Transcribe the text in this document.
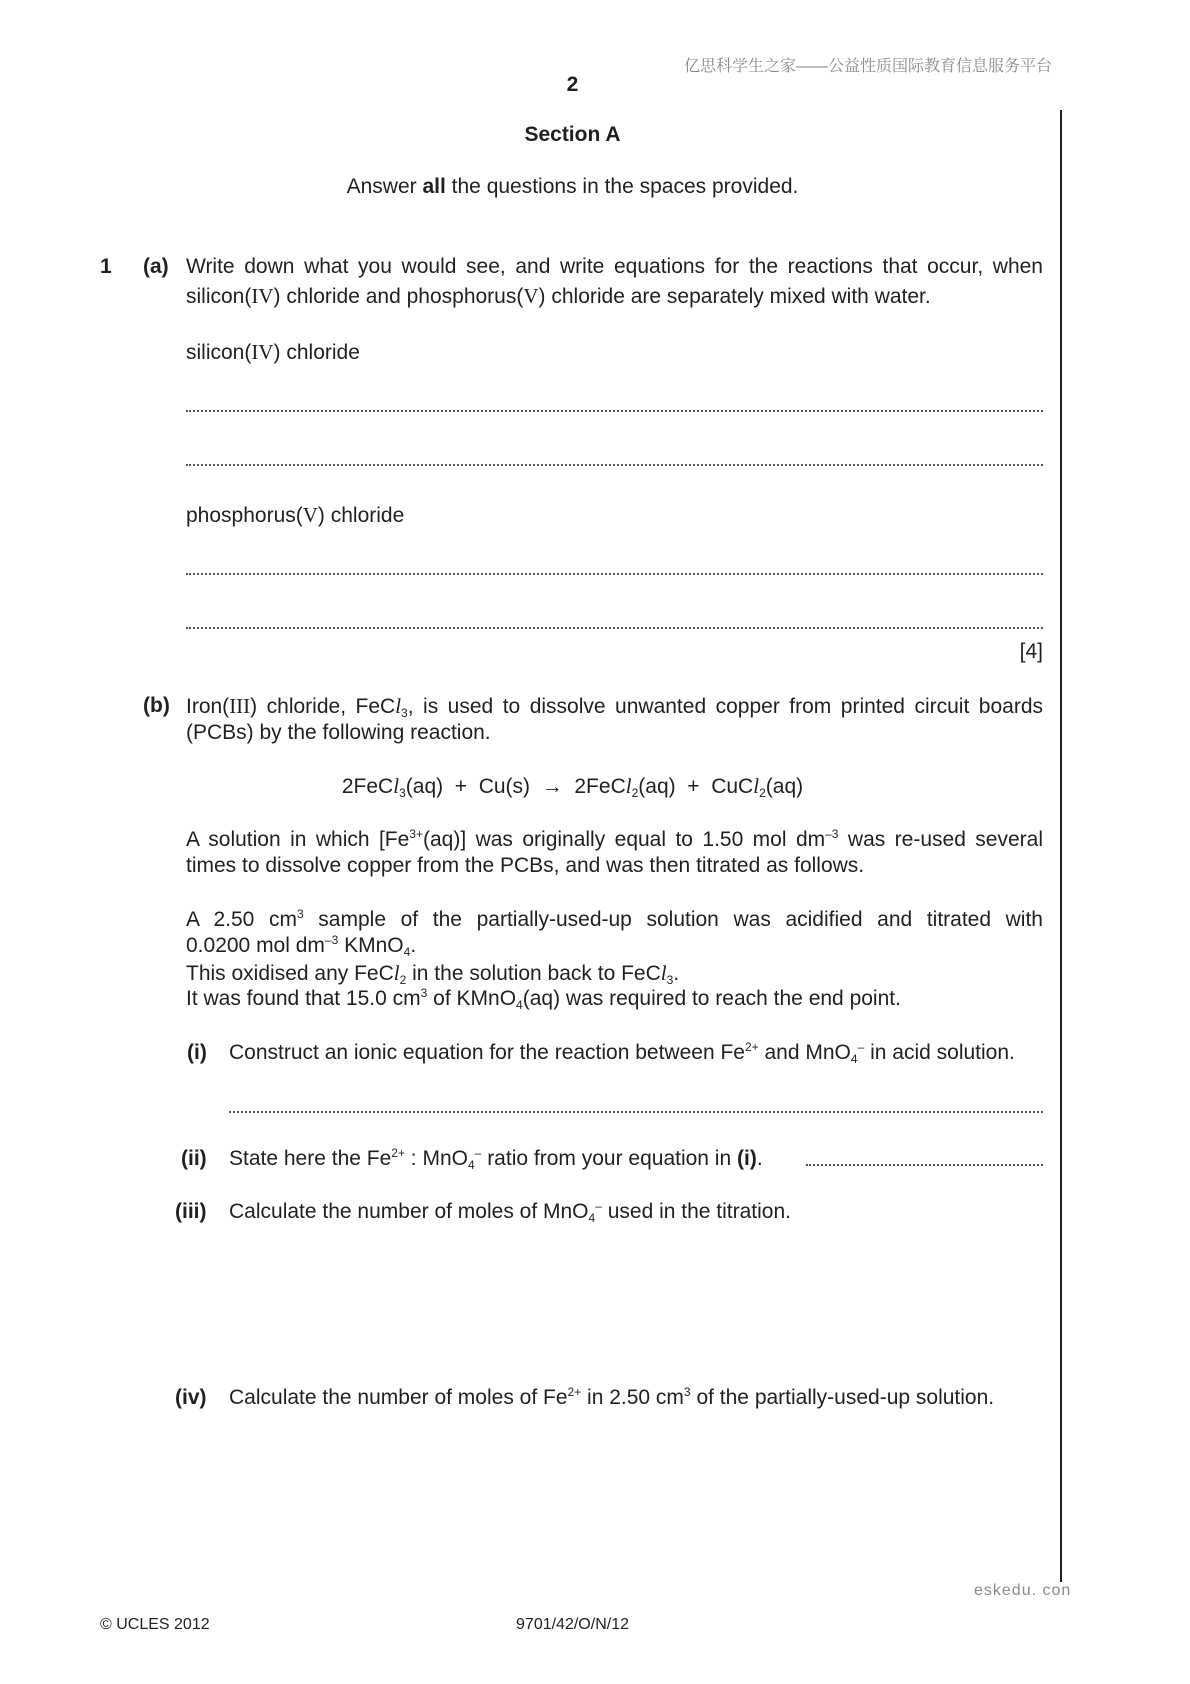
亿思科学生之家——公益性质国际教育信息服务平台
2
Section A
Answer all the questions in the spaces provided.
1 (a) Write down what you would see, and write equations for the reactions that occur, when
silicon(IV) chloride and phosphorus(V) chloride are separately mixed with water.
silicon(IV) chloride
phosphorus(V) chloride
[4]
(b) Iron(III) chloride, FeCl$_3$, is used to dissolve unwanted copper from printed circuit boards
(PCBs) by the following reaction.
2FeCl$_3$(aq)  +  Cu(s)  →  2FeCl$_2$(aq)  +  CuCl$_2$(aq)
A solution in which $[Fe^{3+}(aq)]$ was originally equal to 1.50 mol $dm^{-3}$ was re-used several
times to dissolve copper from the PCBs, and was then titrated as follows.
A 2.50 $cm^3$ sample of the partially-used-up solution was acidified and titrated with
0.0200 mol $dm^{-3}$ KMnO$_4$.
This oxidised any FeCl$_2$ in the solution back to FeCl$_3$.
It was found that 15.0 $cm^3$ of KMnO$_4$(aq) was required to reach the end point.
(i) Construct an ionic equation for the reaction between $Fe^{2+}$ and MnO$_4$– in acid solution.
(ii) State here the $Fe^{2+}$ : MnO$_4$– ratio from your equation in (i).
(iii) Calculate the number of moles of MnO$_4$– used in the titration.
(iv) Calculate the number of moles of $Fe^{2+}$ in 2.50 $cm^3$ of the partially-used-up solution.
eskedu. con
© UCLES 2012	9701/42/O/N/12
